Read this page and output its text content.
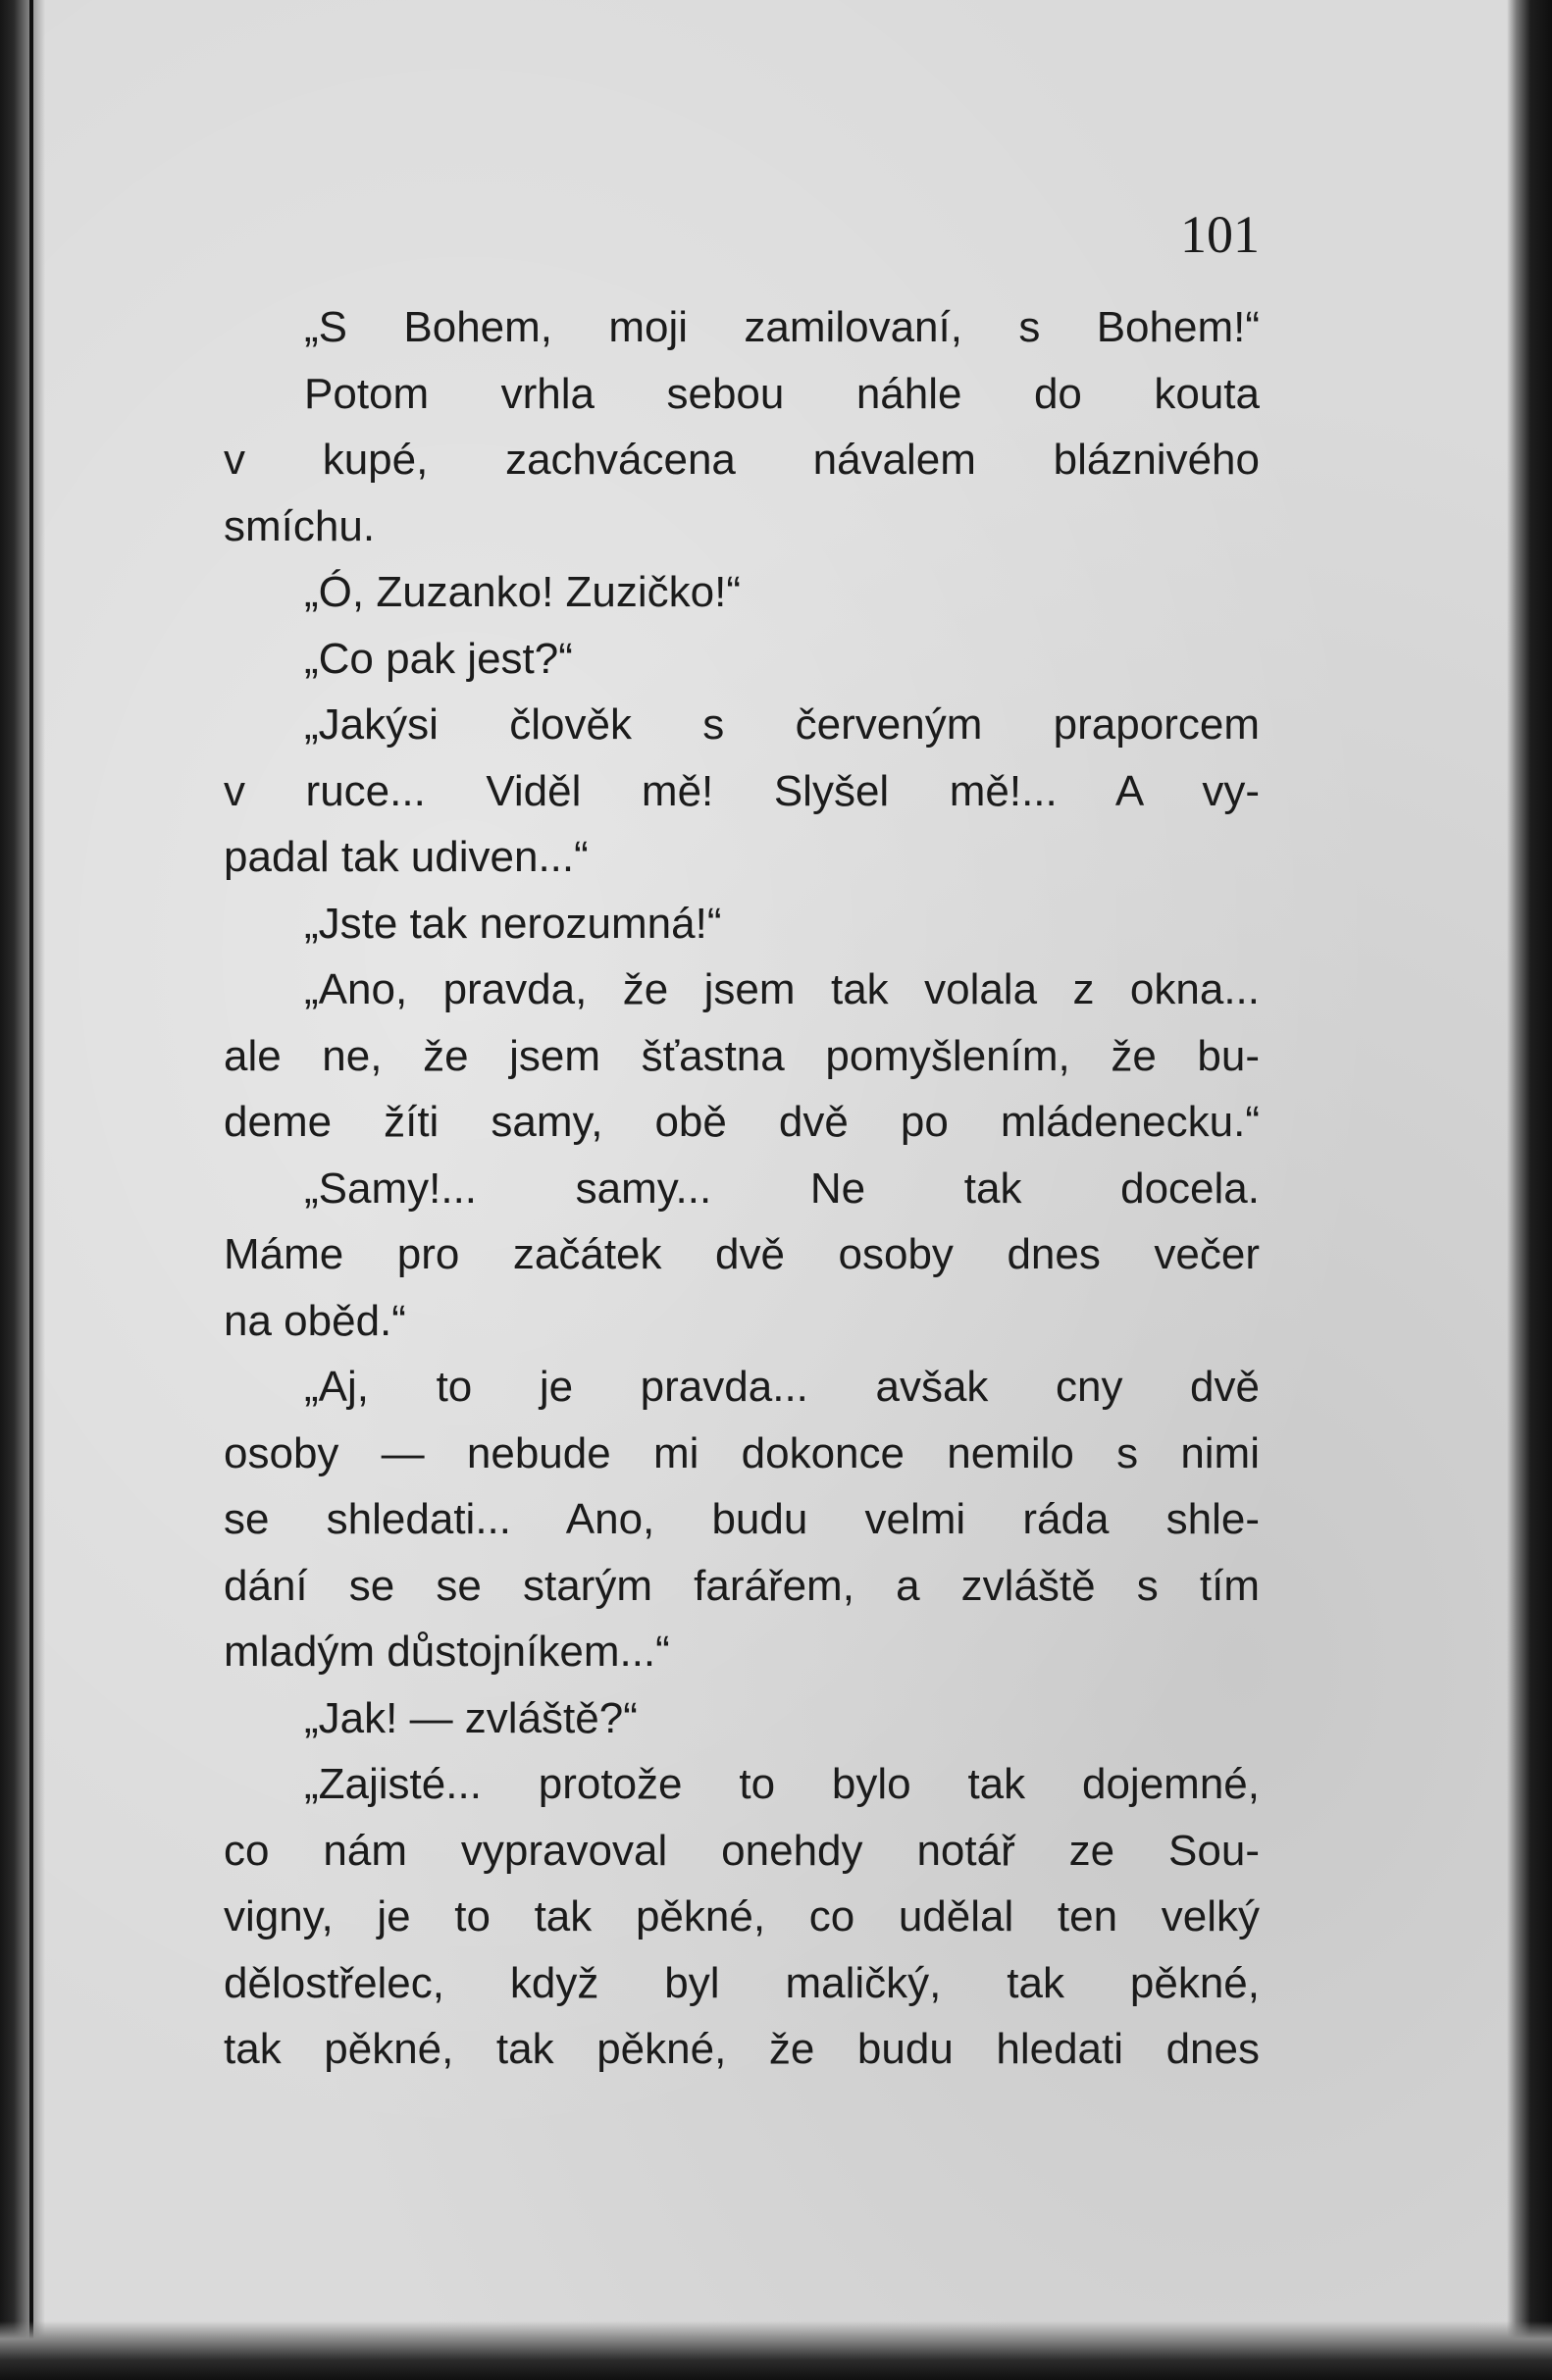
101
„S Bohem, moji zamilovaní, s Bohem!“
Potom vrhla sebou náhle do kouta
v kupé, zachvácena návalem bláznivého
smíchu.
„Ó, Zuzanko! Zuzičko!“
„Co pak jest?“
„Jakýsi člověk s červeným praporcem
v ruce... Viděl mě! Slyšel mě!... A vy-
padal tak udiven...“
„Jste tak nerozumná!“
„Ano, pravda, že jsem tak volala z okna...
ale ne, že jsem šťastna pomyšlením, že bu-
deme žíti samy, obě dvě po mládenecku.“
„Samy!... samy... Ne tak docela.
Máme pro začátek dvě osoby dnes večer
na oběd.“
„Aj, to je pravda... avšak cny dvě
osoby — nebude mi dokonce nemilo s nimi
se shledati... Ano, budu velmi ráda shle-
dání se se starým farářem, a zvláště s tím
mladým důstojníkem...“
„Jak! — zvláště?“
„Zajisté... protože to bylo tak dojemné,
co nám vypravoval onehdy notář ze Sou-
vigny, je to tak pěkné, co udělal ten velký
dělostřelec, když byl maličký, tak pěkné,
tak pěkné, tak pěkné, že budu hledati dnes
